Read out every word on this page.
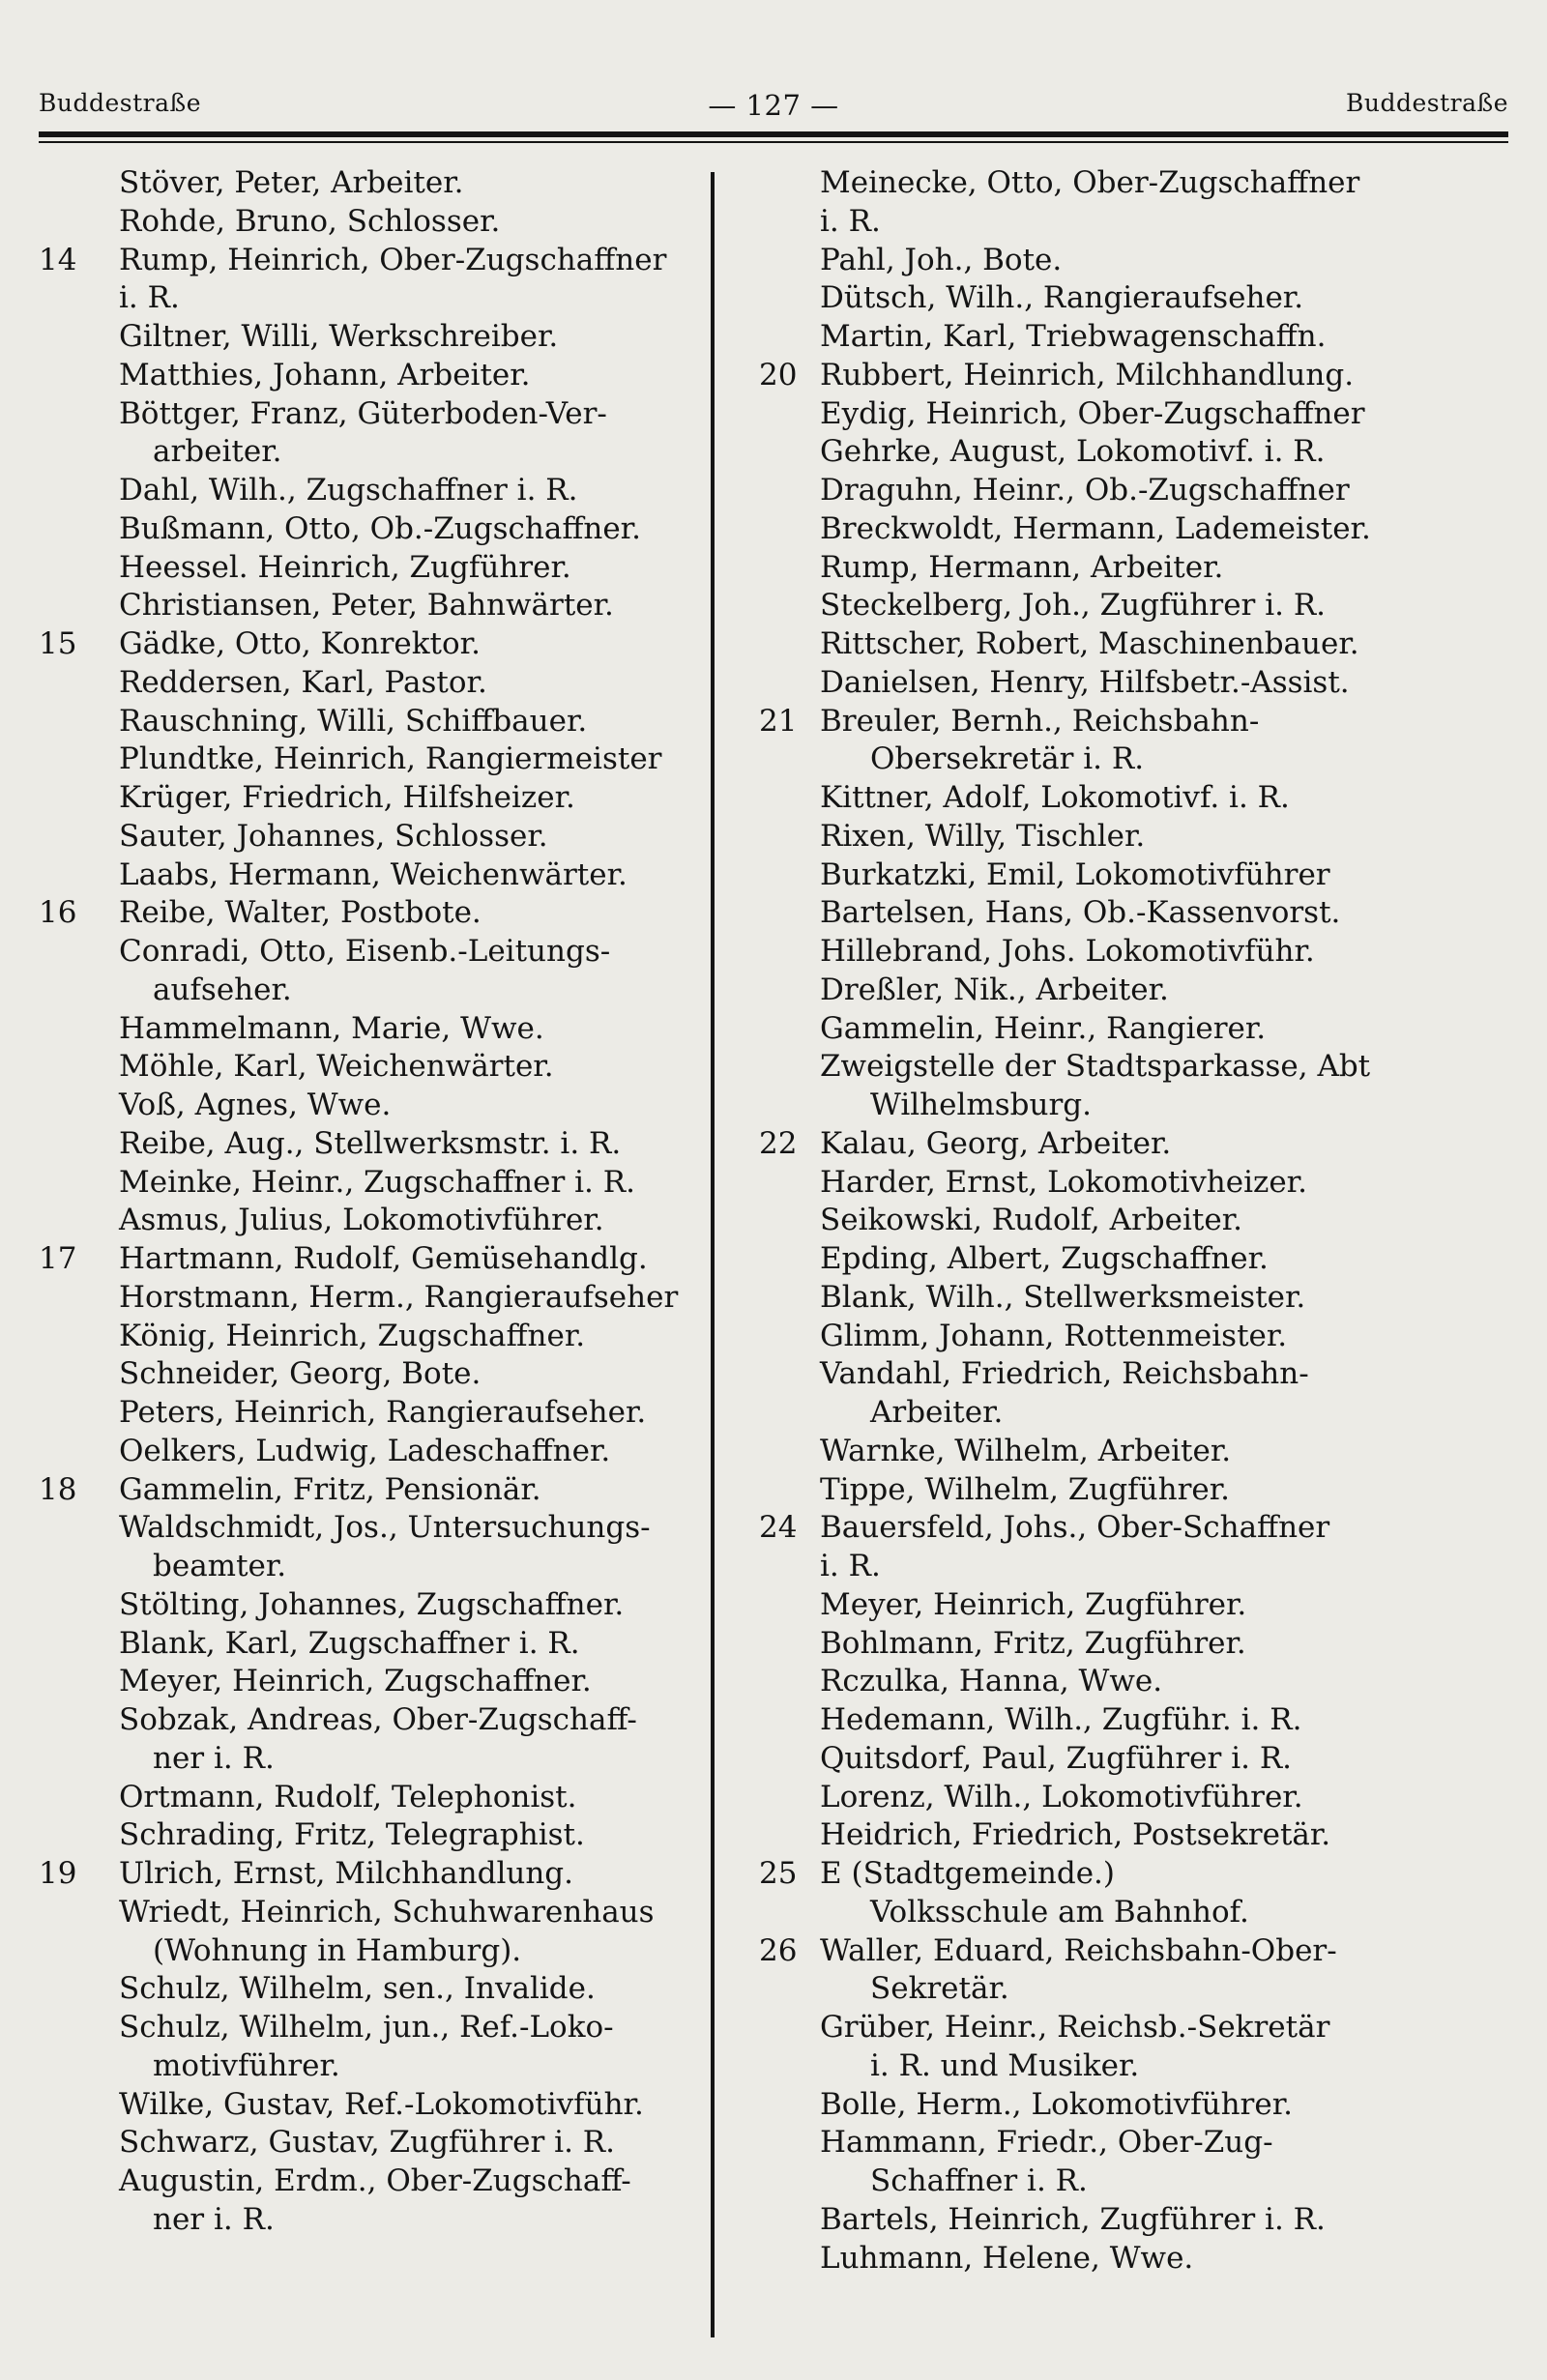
Buddestraße	— 127 —	Buddestraße
Stöver, Peter, Arbeiter.
Rohde, Bruno, Schlosser.
14	Rump, Heinrich, Ober-Zugschaffner
i. R.
Giltner, Willi, Werkschreiber.
Matthies, Johann, Arbeiter.
Böttger, Franz, Güterboden-Ver-
arbeiter.
Dahl, Wilh., Zugschaffner i. R.
Bußmann, Otto, Ob.-Zugschaffner.
Heessel. Heinrich, Zugführer.
Christiansen, Peter, Bahnwärter.
15	Gädke, Otto, Konrektor.
Reddersen, Karl, Pastor.
Rauschning, Willi, Schiffbauer.
Plundtke, Heinrich, Rangiermeister
Krüger, Friedrich, Hilfsheizer.
Sauter, Johannes, Schlosser.
Laabs, Hermann, Weichenwärter.
16	Reibe, Walter, Postbote.
Conradi, Otto, Eisenb.-Leitungs-
aufseher.
Hammelmann, Marie, Wwe.
Möhle, Karl, Weichenwärter.
Voß, Agnes, Wwe.
Reibe, Aug., Stellwerksmstr. i. R.
Meinke, Heinr., Zugschaffner i. R.
Asmus, Julius, Lokomotivführer.
17	Hartmann, Rudolf, Gemüsehandlg.
Horstmann, Herm., Rangieraufseher
König, Heinrich, Zugschaffner.
Schneider, Georg, Bote.
Peters, Heinrich, Rangieraufseher.
Oelkers, Ludwig, Ladeschaffner.
18	Gammelin, Fritz, Pensionär.
Waldschmidt, Jos., Untersuchungs-
beamter.
Stölting, Johannes, Zugschaffner.
Blank, Karl, Zugschaffner i. R.
Meyer, Heinrich, Zugschaffner.
Sobzak, Andreas, Ober-Zugschaff-
ner i. R.
Ortmann, Rudolf, Telephonist.
Schrading, Fritz, Telegraphist.
19	Ulrich, Ernst, Milchhandlung.
Wriedt, Heinrich, Schuhwarenhaus
(Wohnung in Hamburg).
Schulz, Wilhelm, sen., Invalide.
Schulz, Wilhelm, jun., Ref.-Loko-
motivführer.
Wilke, Gustav, Ref.-Lokomotivführ.
Schwarz, Gustav, Zugführer i. R.
Augustin, Erdm., Ober-Zugschaff-
ner i. R.
Meinecke, Otto, Ober-Zugschaffner
i. R.
Pahl, Joh., Bote.
Dütsch, Wilh., Rangieraufseher.
Martin, Karl, Triebwagenschaffn.
20 Rubbert, Heinrich, Milchhandlung.
Eydig, Heinrich, Ober-Zugschaffner
Gehrke, August, Lokomotivf. i. R.
Draguhn, Heinr., Ob.-Zugschaffner
Breckwoldt, Hermann, Lademeister.
Rump, Hermann, Arbeiter.
Steckelberg, Joh., Zugführer i. R.
Rittscher, Robert, Maschinenbauer.
Danielsen, Henry, Hilfsbetr.-Assist.
21 Breuler, Bernh., Reichsbahn-
Obersekretär i. R.
Kittner, Adolf, Lokomotivf. i. R.
Rixen, Willy, Tischler.
Burkatzki, Emil, Lokomotivführer
Bartelsen, Hans, Ob.-Kassenvorst.
Hillebrand, Johs. Lokomotivführ.
Dreßler, Nik., Arbeiter.
Gammelin, Heinr., Rangierer.
Zweigstelle der Stadtsparkasse, Abt
Wilhelmsburg.
22 Kalau, Georg, Arbeiter.
Harder, Ernst, Lokomotivheizer.
Seikowski, Rudolf, Arbeiter.
Epding, Albert, Zugschaffner.
Blank, Wilh., Stellwerksmeister.
Glimm, Johann, Rottenmeister.
Vandahl, Friedrich, Reichsbahn-
Arbeiter.
Warnke, Wilhelm, Arbeiter.
Tippe, Wilhelm, Zugführer.
24 Bauersfeld, Johs., Ober-Schaffner
i. R.
Meyer, Heinrich, Zugführer.
Bohlmann, Fritz, Zugführer.
Rczulka, Hanna, Wwe.
Hedemann, Wilh., Zugführ. i. R.
Quitsdorf, Paul, Zugführer i. R.
Lorenz, Wilh., Lokomotivführer.
Heidrich, Friedrich, Postsekretär.
25 E (Stadtgemeinde.)
Volksschule am Bahnhof.
26 Waller, Eduard, Reichsbahn-Ober-
Sekretär.
Grüber, Heinr., Reichsb.-Sekretär
i. R. und Musiker.
Bolle, Herm., Lokomotivführer.
Hammann, Friedr., Ober-Zug-
Schaffner i. R.
Bartels, Heinrich, Zugführer i. R.
Luhmann, Helene, Wwe.
